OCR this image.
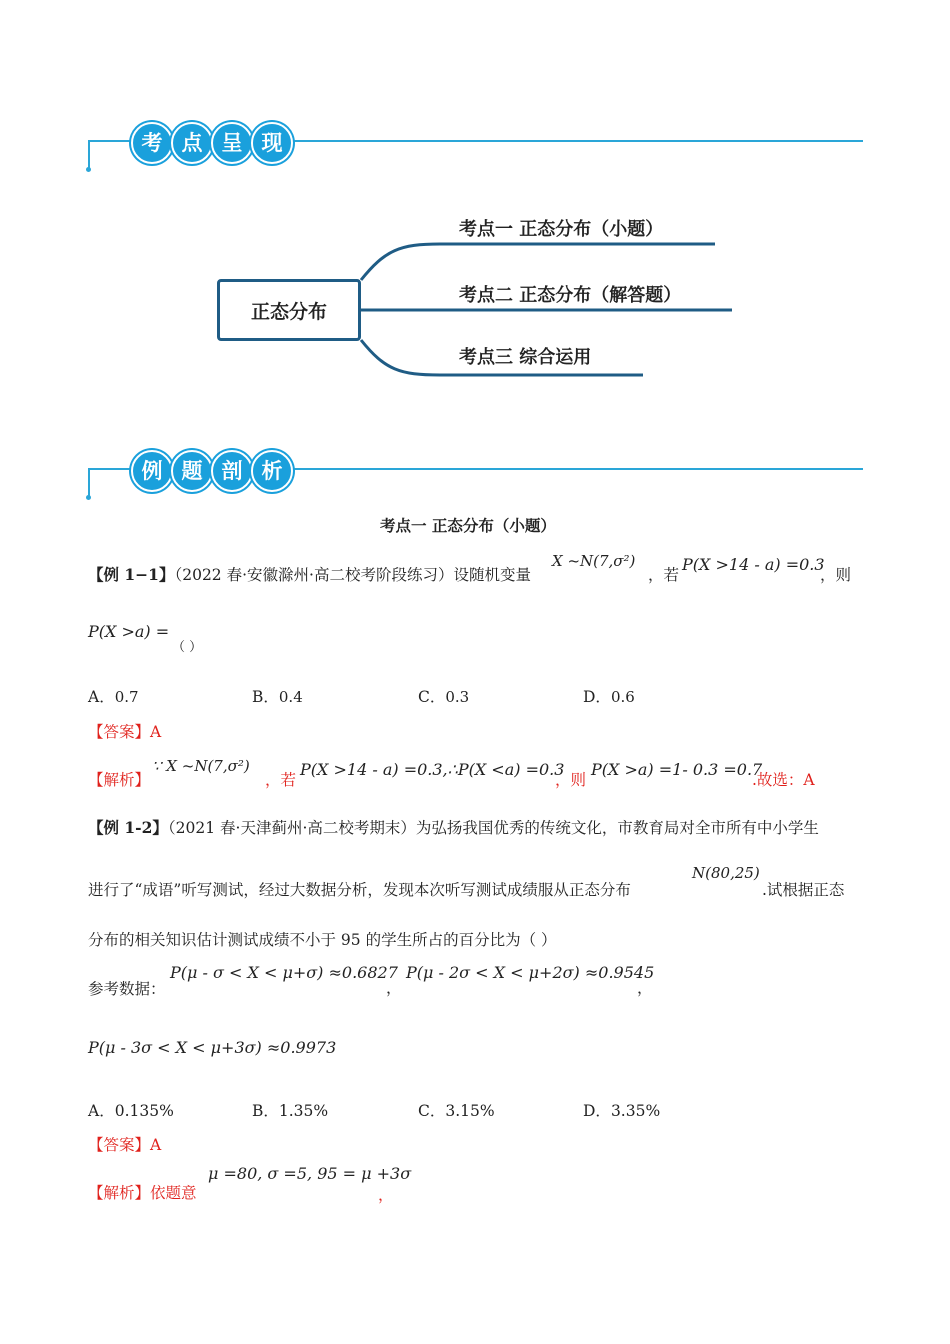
考 点 呈 现
正态分布
考点一 正态分布（小题）
考点二 正态分布（解答题）
考点三 综合运用
例 题 剖 析
考点一 正态分布（小题）
【例 1−1】（2022 春·安徽滁州·高二校考阶段练习）设随机变量
X ~N(7,σ²)
，若
P(X >14 - a) =0.3
，则
P(X >a) =
（ ）
A．0.7	B．0.4	C．0.3	D．0.6
【答案】A
【解析】
∵ X ~N(7,σ²)
，若
P(X >14 - a) =0.3,∴P(X <a) =0.3
，则
P(X >a) =1- 0.3 =0.7
.故选：A
【例 1-2】（2021 春·天津蓟州·高二校考期末）为弘扬我国优秀的传统文化，市教育局对全市所有中小学生
进行了“成语”听写测试，经过大数据分析，发现本次听写测试成绩服从正态分布
N(80,25)
.试根据正态
分布的相关知识估计测试成绩不小于 95 的学生所占的百分比为（ ）
参考数据：
P(μ - σ < X < μ+σ) ≈0.6827
，
P(μ - 2σ < X < μ+2σ) ≈0.9545
，
P(μ - 3σ < X < μ+3σ) ≈0.9973
A．0.135%	B．1.35%	C．3.15%	D．3.35%
【答案】A
【解析】依题意
μ =80, σ =5, 95 = μ +3σ
，
